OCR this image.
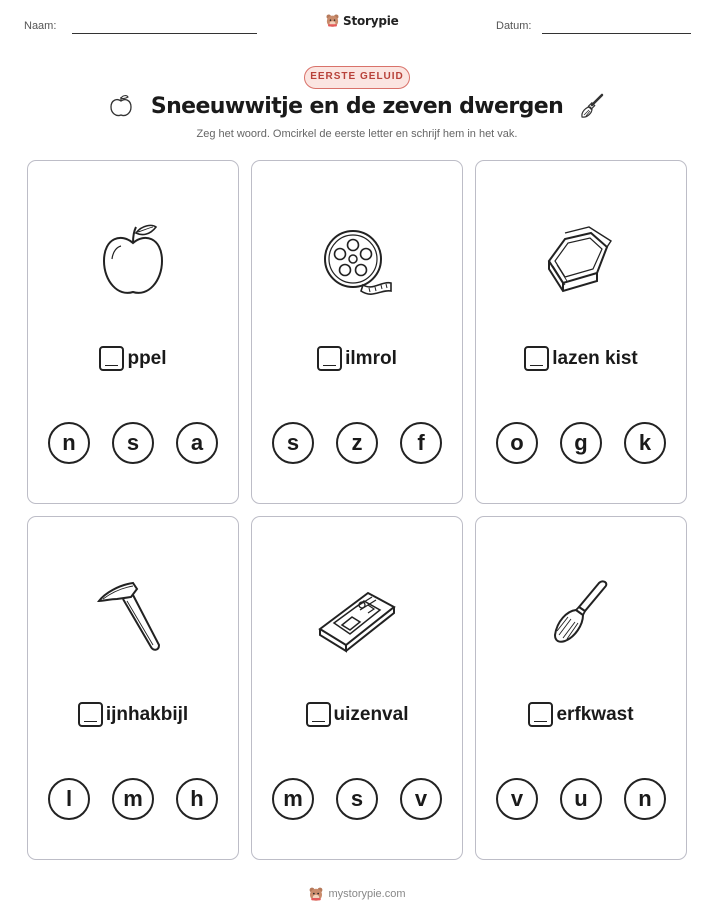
Naam:	Storypie	Datum:
EERSTE GELUID
Sneeuwwitje en de zeven dwergen
Zeg het woord. Omcirkel de eerste letter en schrijf hem in het vak.
ppel
n	s	a
ilmrol
s	z	f
lazen kist
o	g	k
ijnhakbijl
l	m	h
uizenval
m	s	v
erfkwast
v	u	n
mystorypie.com
